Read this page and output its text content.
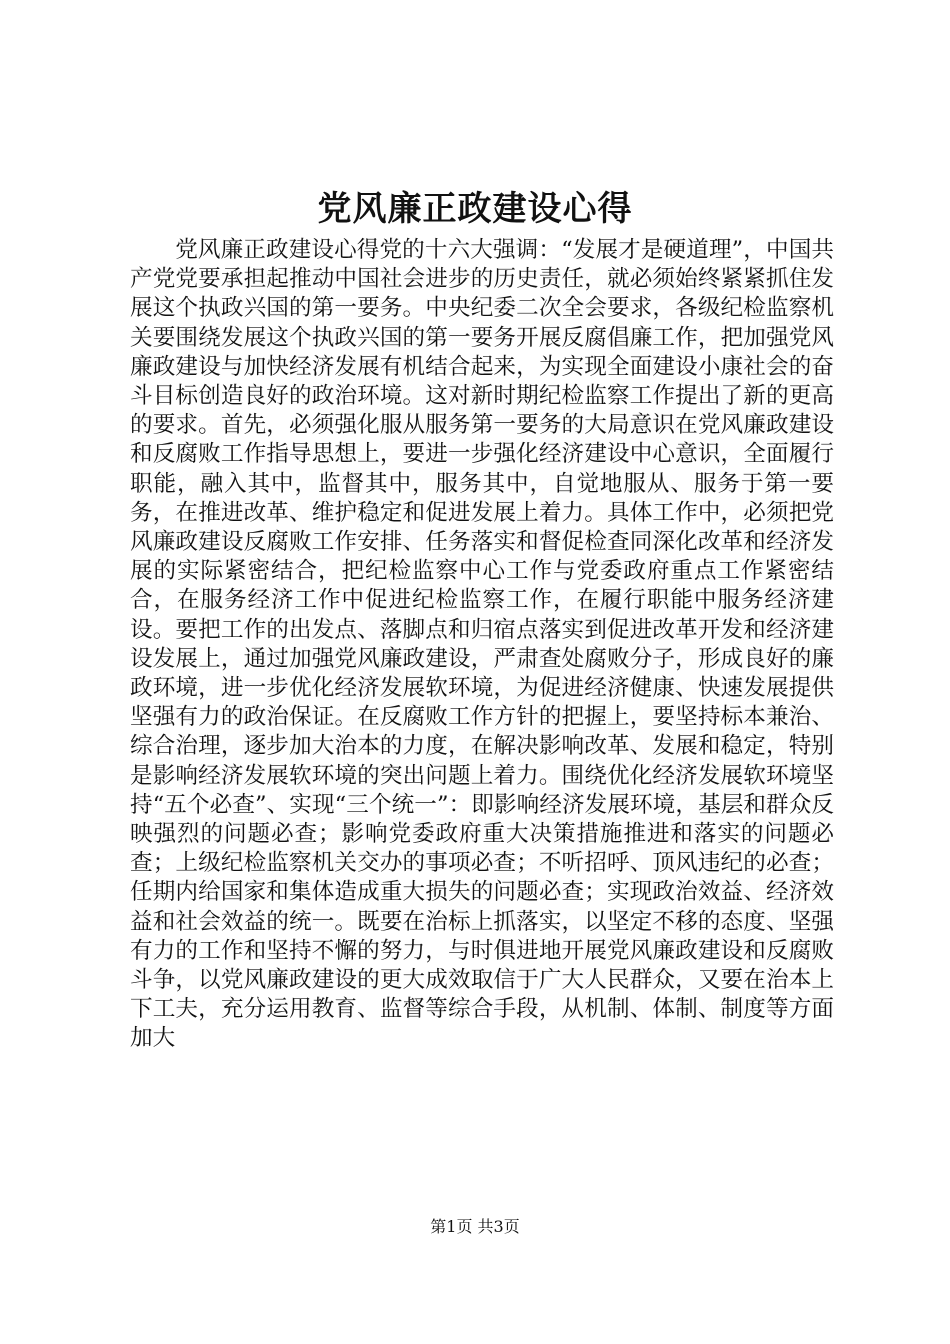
党风廉正政建设心得

党风廉正政建设心得党的十六大强调：“发展才是硬道理”，中国共产党党要承担起推动中国社会进步的历史责任，就必须始终紧紧抓住发展这个执政兴国的第一要务。中央纪委二次全会要求，各级纪检监察机关要围绕发展这个执政兴国的第一要务开展反腐倡廉工作，把加强党风廉政建设与加快经济发展有机结合起来，为实现全面建设小康社会的奋斗目标创造良好的政治环境。这对新时期纪检监察工作提出了新的更高的要求。首先，必须强化服从服务第一要务的大局意识在党风廉政建设和反腐败工作指导思想上，要进一步强化经济建设中心意识，全面履行职能，融入其中，监督其中，服务其中，自觉地服从、服务于第一要务，在推进改革、维护稳定和促进发展上着力。具体工作中，必须把党风廉政建设反腐败工作安排、任务落实和督促检查同深化改革和经济发展的实际紧密结合，把纪检监察中心工作与党委政府重点工作紧密结合，在服务经济工作中促进纪检监察工作，在履行职能中服务经济建设。要把工作的出发点、落脚点和归宿点落实到促进改革开发和经济建设发展上，通过加强党风廉政建设，严肃查处腐败分子，形成良好的廉政环境，进一步优化经济发展软环境，为促进经济健康、快速发展提供坚强有力的政治保证。在反腐败工作方针的把握上，要坚持标本兼治、综合治理，逐步加大治本的力度，在解决影响改革、发展和稳定，特别是影响经济发展软环境的突出问题上着力。围绕优化经济发展软环境坚持“五个必查”、实现“三个统一”：即影响经济发展环境，基层和群众反映强烈的问题必查；影响党委政府重大决策措施推进和落实的问题必查；上级纪检监察机关交办的事项必查；不听招呼、顶风违纪的必查；任期内给国家和集体造成重大损失的问题必查；实现政治效益、经济效益和社会效益的统一。既要在治标上抓落实，以坚定不移的态度、坚强有力的工作和坚持不懈的努力，与时俱进地开展党风廉政建设和反腐败斗争，以党风廉政建设的更大成效取信于广大人民群众，又要在治本上下工夫，充分运用教育、监督等综合手段，从机制、体制、制度等方面加大

第1页 共3页
